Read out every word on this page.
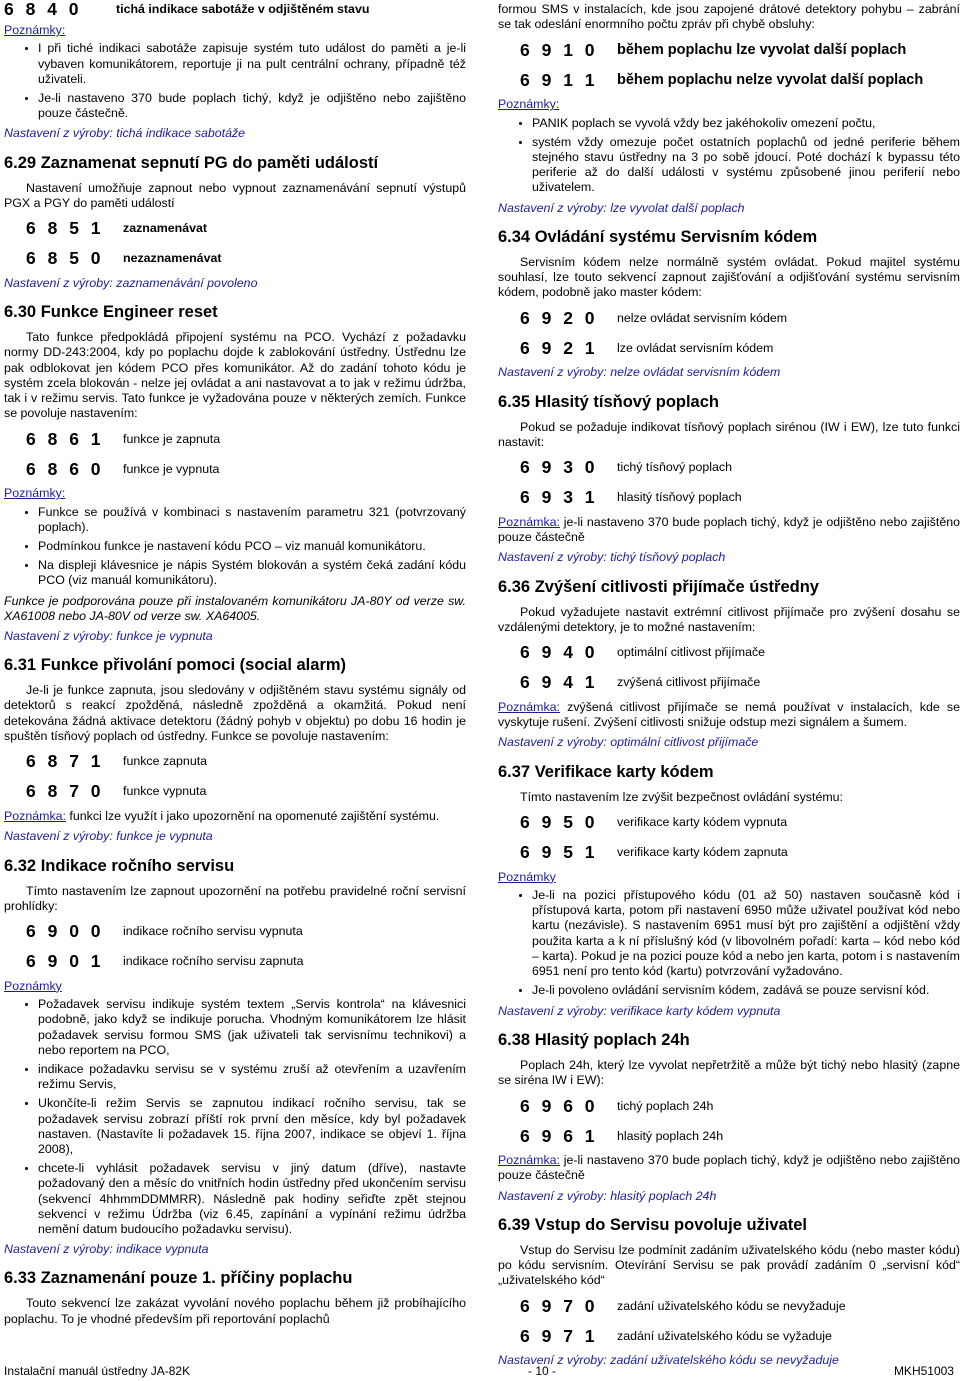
6 8 4 0	tichá indikace sabotáže v odjištěném stavu
Poznámky:
• I při tiché indikaci sabotáže zapisuje systém tuto událost do paměti a je-li vybaven komunikátorem, reportuje ji na pult centrální ochrany, případně též uživateli.
• Je-li nastaveno 370 bude poplach tichý, když je odjištěno nebo zajištěno pouze částečně.
Nastavení z výroby: tichá indikace sabotáže
6.29 Zaznamenat sepnutí PG do paměti událostí

Nastavení umožňuje zapnout nebo vypnout zaznamenávání sepnutí výstupů PGX a PGY do paměti událostí

6 8 5 1	zaznamenávat
6 8 5 0	nezaznamenávat
Nastavení z výroby: zaznamenávání povoleno
6.30 Funkce Engineer reset

Tato funkce předpokládá připojení systému na PCO. Vychází z požadavku normy DD-243:2004, kdy po poplachu dojde k zablokování ústředny. Ústřednu lze pak odblokovat jen kódem PCO přes komunikátor. Až do zadání tohoto kódu je systém zcela blokován - nelze jej ovládat a ani nastavovat a to jak v režimu údržba, tak i v režimu servis. Tato funkce je vyžadována pouze v některých zemích. Funkce se povoluje nastavením:

6 8 6 1	funkce je zapnuta
6 8 6 0	funkce je vypnuta
Poznámky:
• Funkce se používá v kombinaci s nastavením parametru 321 (potvrzovaný poplach).
• Podmínkou funkce je nastavení kódu PCO – viz manuál komunikátoru.
• Na displeji klávesnice je nápis Systém blokován a systém čeká zadání kódu PCO (viz manuál komunikátoru).

Funkce je podporována pouze při instalovaném komunikátoru JA-80Y od verze sw. XA61008 nebo JA-80V od verze sw. XA64005.

Nastavení z výroby: funkce je vypnuta
6.31 Funkce přivolání pomoci (social alarm)

Je-li je funkce zapnuta, jsou sledovány v odjištěném stavu systému signály od detektorů s reakcí zpožděná, následně zpožděná a okamžitá. Pokud není detekována žádná aktivace detektoru (žádný pohyb v objektu) po dobu 16 hodin je spuštěn tísňový poplach od ústředny. Funkce se povoluje nastavením:

6 8 7 1	funkce zapnuta
6 8 7 0	funkce vypnuta

Poznámka: funkci lze využít i jako upozornění na opomenuté zajištění systému.

Nastavení z výroby: funkce je vypnuta
6.32 Indikace ročního servisu

Tímto nastavením lze zapnout upozornění na potřebu pravidelné roční servisní prohlídky:

6 9 0 0	indikace ročního servisu vypnuta
6 9 0 1	indikace ročního servisu zapnuta
Poznámky
• Požadavek servisu indikuje systém textem „Servis kontrola“ na klávesnici podobně, jako když se indikuje porucha. Vhodným komunikátorem lze hlásit požadavek servisu formou SMS (jak uživateli tak servisnímu technikovi) a nebo reportem na PCO,
• indikace požadavku servisu se v systému zruší až otevřením a uzavřením režimu Servis,
• Ukončíte-li režim Servis se zapnutou indikací ročního servisu, tak se požadavek servisu zobrazí příští rok první den měsíce, kdy byl požadavek nastaven. (Nastavíte li požadavek 15. října 2007, indikace se objeví 1. října 2008),
• chcete-li vyhlásit požadavek servisu v jiný datum (dříve), nastavte požadovaný den a měsíc do vnitřních hodin ústředny před ukončením servisu (sekvencí 4hhmmDDMMRR). Následně pak hodiny seřiďte zpět stejnou sekvencí v režimu Údržba (viz 6.45, zapínání a vypínání režimu údržba nemění datum budoucího požadavku servisu).
Nastavení z výroby: indikace vypnuta
6.33 Zaznamenání pouze 1. příčiny poplachu

Touto sekvencí lze zakázat vyvolání nového poplachu během již probíhajícího poplachu. To je vhodné především při reportování poplachů

formou SMS v instalacích, kde jsou zapojené drátové detektory pohybu – zabrání se tak odeslání enormního počtu zpráv při chybě obsluhy:

6 9 1 0	během poplachu lze vyvolat další poplach
6 9 1 1	během poplachu nelze vyvolat další poplach
Poznámky:
• PANIK poplach se vyvolá vždy bez jakéhokoliv omezení počtu,
• systém vždy omezuje počet ostatních poplachů od jedné periferie během stejného stavu ústředny na 3 po sobě jdoucí. Poté dochází k bypassu této periferie až do další události v systému způsobené jinou periferií nebo uživatelem.
Nastavení z výroby: lze vyvolat další poplach
6.34 Ovládání systému Servisním kódem

Servisním kódem nelze normálně systém ovládat. Pokud majitel systému souhlasí, lze touto sekvencí zapnout zajišťování a odjišťování systému servisním kódem, podobně jako master kódem:

6 9 2 0	nelze ovládat servisním kódem
6 9 2 1	lze ovládat servisním kódem
Nastavení z výroby: nelze ovládat servisním kódem
6.35 Hlasitý tísňový poplach

Pokud se požaduje indikovat tísňový poplach sirénou (IW i EW), lze tuto funkci nastavit:

6 9 3 0	tichý tísňový poplach
6 9 3 1	hlasitý tísňový poplach

Poznámka: je-li nastaveno 370 bude poplach tichý, když je odjištěno nebo zajištěno pouze částečně

Nastavení z výroby: tichý tísňový poplach
6.36 Zvýšení citlivosti přijímače ústředny

Pokud vyžadujete nastavit extrémní citlivost přijímače pro zvýšení dosahu se vzdálenými detektory, je to možné nastavením:

6 9 4 0	optimální citlivost přijímače
6 9 4 1	zvýšená citlivost přijímače

Poznámka: zvýšená citlivost přijímače se nemá používat v instalacích, kde se vyskytuje rušení. Zvýšení citlivosti snižuje odstup mezi signálem a šumem.

Nastavení z výroby: optimální citlivost přijímače
6.37 Verifikace karty kódem

Tímto nastavením lze zvýšit bezpečnost ovládání systému:

6 9 5 0	verifikace karty kódem vypnuta
6 9 5 1	verifikace karty kódem zapnuta
Poznámky
• Je-li na pozici přístupového kódu (01 až 50) nastaven současně kód i přístupová karta, potom při nastavení 6950 může uživatel používat kód nebo kartu (nezávisle). S nastavením 6951 musí být pro zajištění a odjištění vždy použita karta a k ní příslušný kód (v libovolném pořadí: karta – kód nebo kód – karta). Pokud je na pozici pouze kód a nebo jen karta, potom i s nastavením 6951 není pro tento kód (kartu) potvrzování vyžadováno.
• Je-li povoleno ovládání servisním kódem, zadává se pouze servisní kód.
Nastavení z výroby: verifikace karty kódem vypnuta
6.38 Hlasitý poplach 24h

Poplach 24h, který lze vyvolat nepřetržitě a může být tichý nebo hlasitý (zapne se siréna IW i EW):

6 9 6 0	tichý poplach 24h
6 9 6 1	hlasitý poplach 24h

Poznámka: je-li nastaveno 370 bude poplach tichý, když je odjištěno nebo zajištěno pouze částečně

Nastavení z výroby: hlasitý poplach 24h
6.39 Vstup do Servisu povoluje uživatel

Vstup do Servisu lze podmínit zadáním uživatelského kódu (nebo master kódu) po kódu servisním. Otevírání Servisu se pak provádí zadáním 0 „servisní kód“ „uživatelského kód“

6 9 7 0	zadání uživatelského kódu se nevyžaduje
6 9 7 1	zadání uživatelského kódu se vyžaduje
Nastavení z výroby: zadání uživatelského kódu se nevyžaduje
Instalační manuál ústředny JA-82K	- 10 -	MKH51003
